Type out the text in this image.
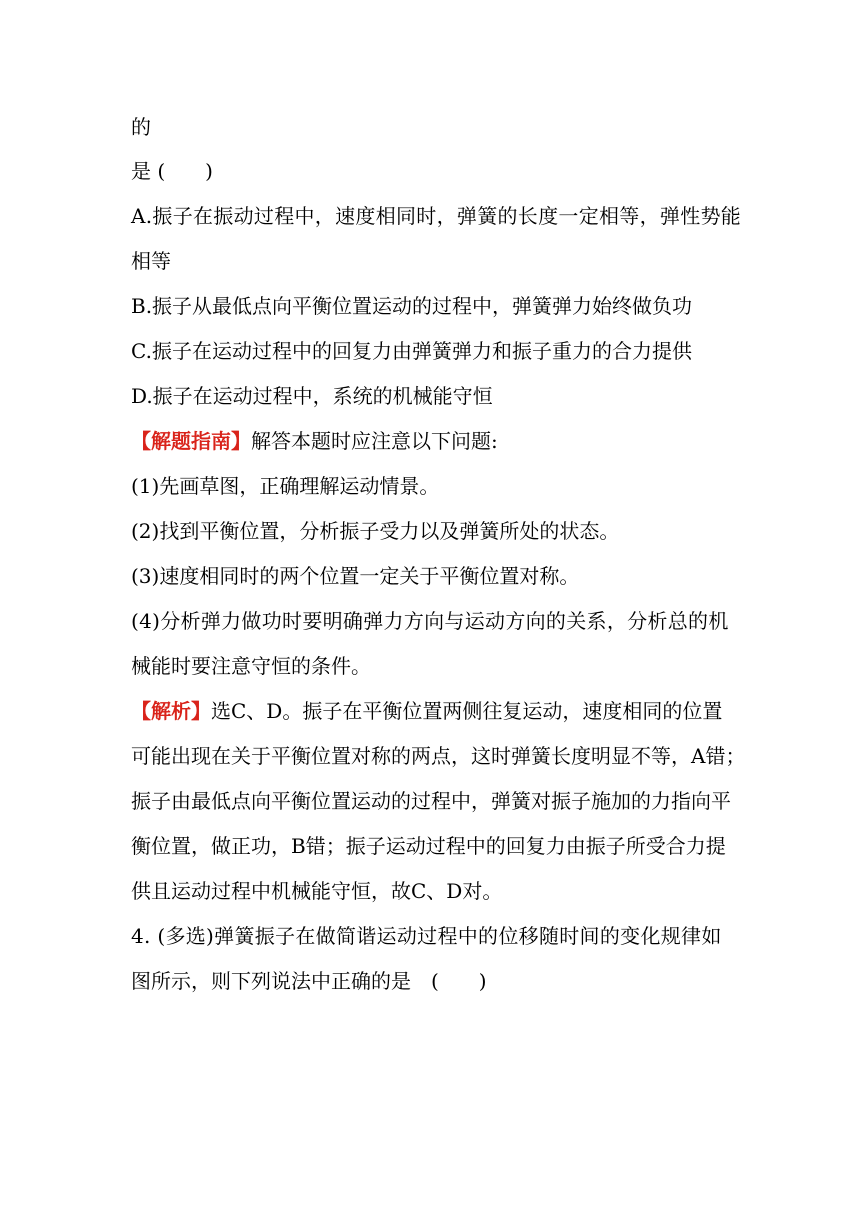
的
是 (　　)
A.振子在振动过程中，速度相同时，弹簧的长度一定相等，弹性势能
相等
B.振子从最低点向平衡位置运动的过程中，弹簧弹力始终做负功
C.振子在运动过程中的回复力由弹簧弹力和振子重力的合力提供
D.振子在运动过程中，系统的机械能守恒
【解题指南】解答本题时应注意以下问题:
(1)先画草图，正确理解运动情景。
(2)找到平衡位置，分析振子受力以及弹簧所处的状态。
(3)速度相同时的两个位置一定关于平衡位置对称。
(4)分析弹力做功时要明确弹力方向与运动方向的关系，分析总的机
械能时要注意守恒的条件。
【解析】选C、D。振子在平衡位置两侧往复运动，速度相同的位置
可能出现在关于平衡位置对称的两点，这时弹簧长度明显不等，A错；
振子由最低点向平衡位置运动的过程中，弹簧对振子施加的力指向平
衡位置，做正功，B错；振子运动过程中的回复力由振子所受合力提
供且运动过程中机械能守恒，故C、D对。
4. (多选)弹簧振子在做简谐运动过程中的位移随时间的变化规律如
图所示，则下列说法中正确的是　(　　)
